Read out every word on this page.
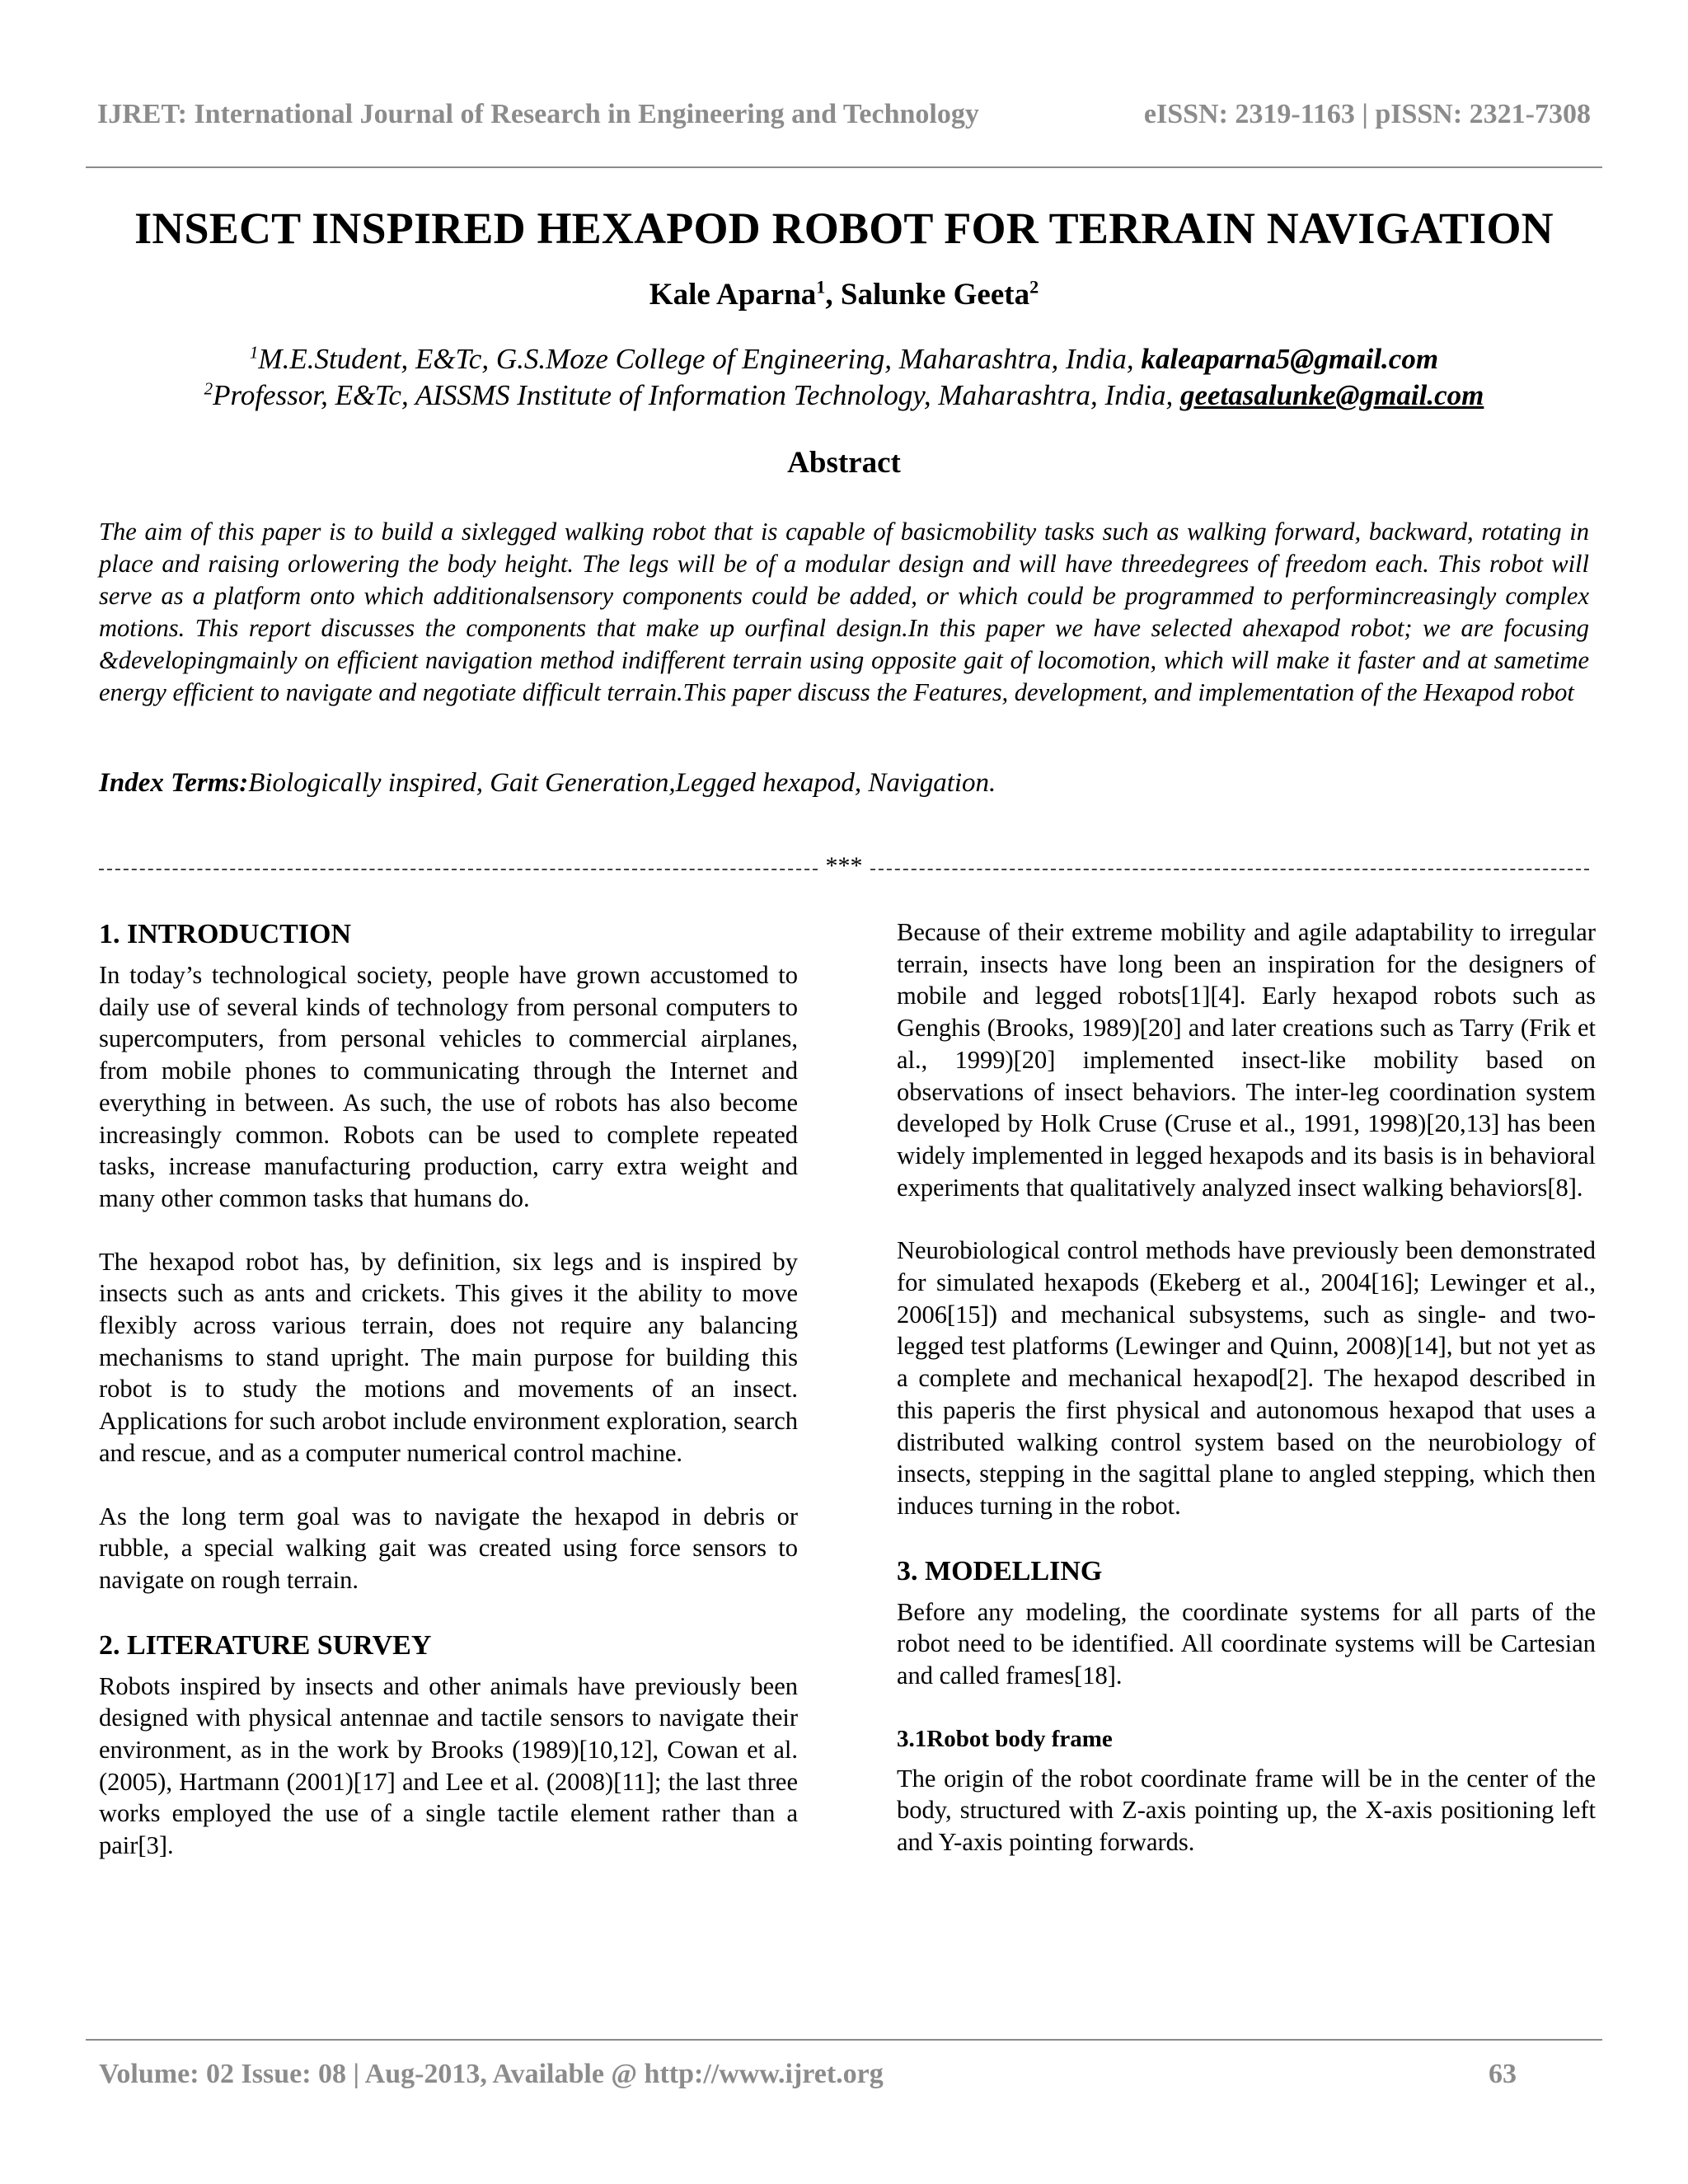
IJRET: International Journal of Research in Engineering and Technology	eISSN: 2319-1163 | pISSN: 2321-7308
INSECT INSPIRED HEXAPOD ROBOT FOR TERRAIN NAVIGATION
Kale Aparna$^1$, Salunke Geeta$^2$
$^1$M.E.Student, E&Tc, G.S.Moze College of Engineering, Maharashtra, India, kaleaparna5@gmail.com
$^2$Professor, E&Tc, AISSMS Institute of Information Technology, Maharashtra, India, geetasalunke@gmail.com
Abstract
The aim of this paper is to build a sixlegged walking robot that is capable of basicmobility tasks such as walking forward, backward, rotating in place and raising orlowering the body height. The legs will be of a modular design and will have threedegrees of freedom each. This robot will serve as a platform onto which additionalsensory components could be added, or which could be programmed to performincreasingly complex motions. This report discusses the components that make up ourfinal design.In this paper we have selected ahexapod robot; we are focusing &developingmainly on efficient navigation method indifferent terrain using opposite gait of locomotion, which will make it faster and at sametime energy efficient to navigate and negotiate difficult terrain.This paper discuss the Features, development, and implementation of the Hexapod robot
Index Terms:Biologically inspired, Gait Generation,Legged hexapod, Navigation.
***
1. INTRODUCTION

In today’s technological society, people have grown accustomed to daily use of several kinds of technology from personal computers to supercomputers, from personal vehicles to commercial airplanes, from mobile phones to communicating through the Internet and everything in between. As such, the use of robots has also become increasingly common. Robots can be used to complete repeated tasks, increase manufacturing production, carry extra weight and many other common tasks that humans do.

The hexapod robot has, by definition, six legs and is inspired by insects such as ants and crickets. This gives it the ability to move flexibly across various terrain, does not require any balancing mechanisms to stand upright. The main purpose for building this robot is to study the motions and movements of an insect. Applications for such arobot include environment exploration, search and rescue, and as a computer numerical control machine.

As the long term goal was to navigate the hexapod in debris or rubble, a special walking gait was created using force sensors to navigate on rough terrain.

2. LITERATURE SURVEY

Robots inspired by insects and other animals have previously been designed with physical antennae and tactile sensors to navigate their environment, as in the work by Brooks (1989)[10,12], Cowan et al. (2005), Hartmann (2001)[17] and Lee et al. (2008)[11]; the last three works employed the use of a single tactile element rather than a pair[3].

Because of their extreme mobility and agile adaptability to irregular terrain, insects have long been an inspiration for the designers of mobile and legged robots[1][4]. Early hexapod robots such as Genghis (Brooks, 1989)[20] and later creations such as Tarry (Frik et al., 1999)[20] implemented insect-like mobility based on observations of insect behaviors. The inter-leg coordination system developed by Holk Cruse (Cruse et al., 1991, 1998)[20,13] has been widely implemented in legged hexapods and its basis is in behavioral experiments that qualitatively analyzed insect walking behaviors[8].

Neurobiological control methods have previously been demonstrated for simulated hexapods (Ekeberg et al., 2004[16]; Lewinger et al., 2006[15]) and mechanical subsystems, such as single- and two-legged test platforms (Lewinger and Quinn, 2008)[14], but not yet as a complete and mechanical hexapod[2]. The hexapod described in this paperis the first physical and autonomous hexapod that uses a distributed walking control system based on the neurobiology of insects, stepping in the sagittal plane to angled stepping, which then induces turning in the robot.

3. MODELLING

Before any modeling, the coordinate systems for all parts of the robot need to be identified. All coordinate systems will be Cartesian and called frames[18].

3.1Robot body frame

The origin of the robot coordinate frame will be in the center of the body, structured with Z-axis pointing up, the X-axis positioning left and Y-axis pointing forwards.

Volume: 02 Issue: 08 | Aug-2013, Available @ http://www.ijret.org	63
